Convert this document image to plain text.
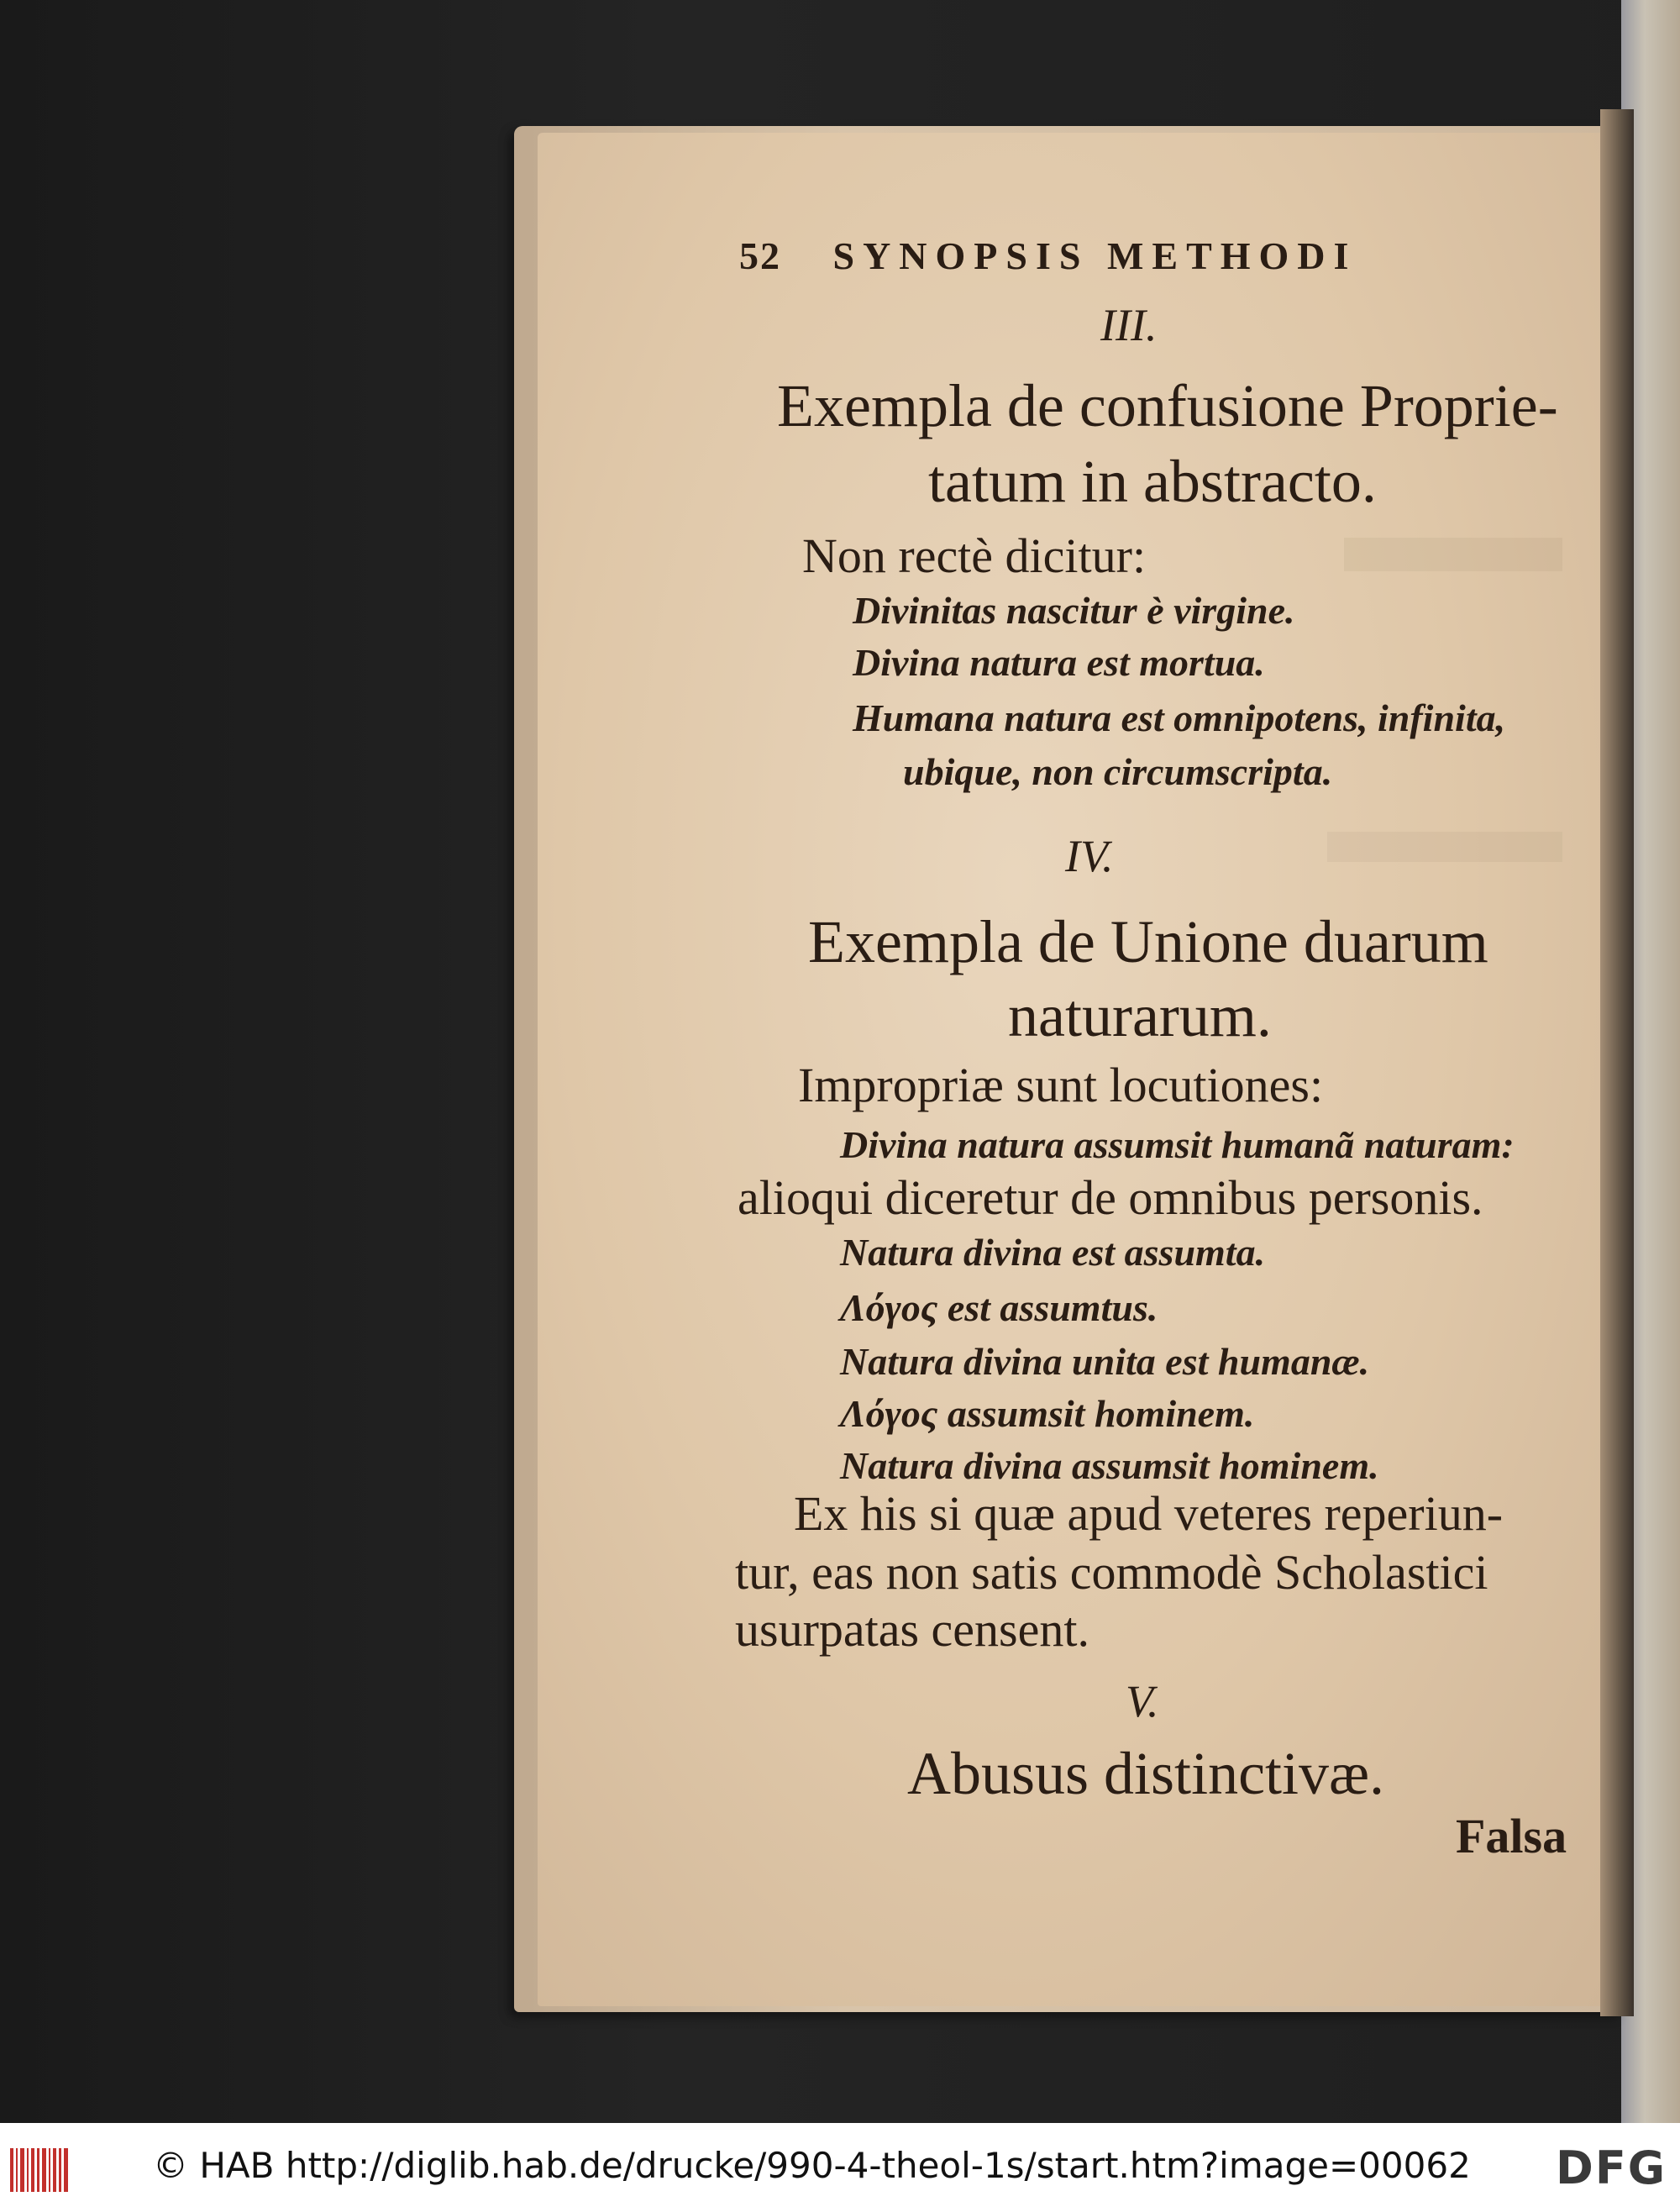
52 SYNOPSIS METHODI
III.
Exempla de confusione Proprie-
tatum in abstracto.
Non rectè dicitur:
Divinitas nascitur è virgine.
Divina natura est mortua.
Humana natura est omnipotens, infinita,
ubique, non circumscripta.
IV.
Exempla de Unione duarum
naturarum.
Impropriæ sunt locutiones:
Divina natura assumsit humanã naturam:
alioqui diceretur de omnibus personis.
Natura divina est assumta.
Λόγος est assumtus.
Natura divina unita est humanæ.
Λόγος assumsit hominem.
Natura divina assumsit hominem.
Ex his si quæ apud veteres reperiun-
tur, eas non satis commodè Scholastici
usurpatas censent.
V.
Abusus distinctivæ.
Falsa
© HAB http://diglib.hab.de/drucke/990-4-theol-1s/start.htm?image=00062 DFG
